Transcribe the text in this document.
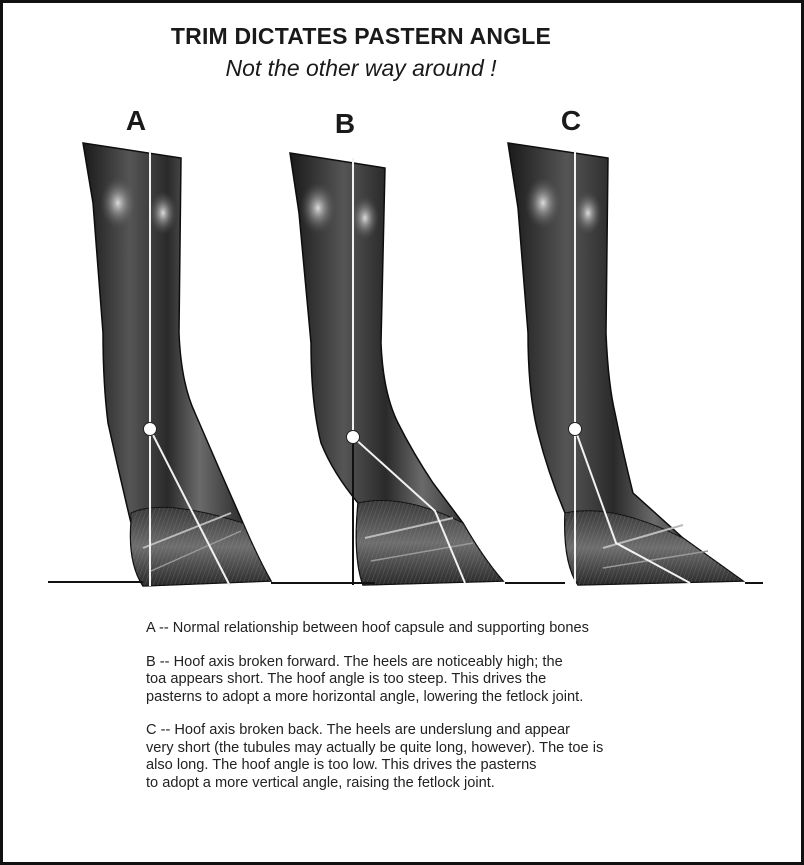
TRIM DICTATES PASTERN ANGLE
Not the other way around !
A	B	C

A -- Normal relationship between hoof capsule and supporting bones

B -- Hoof axis broken forward. The heels are noticeably high; the
toa appears short. The hoof angle is too steep. This drives the
pasterns to adopt a more horizontal angle, lowering the fetlock joint.

C -- Hoof axis broken back. The heels are underslung and appear
very short (the tubules may actually be quite long, however). The toe is
also long. The hoof angle is too low. This drives the pasterns
to adopt a more vertical angle, raising the fetlock joint.
